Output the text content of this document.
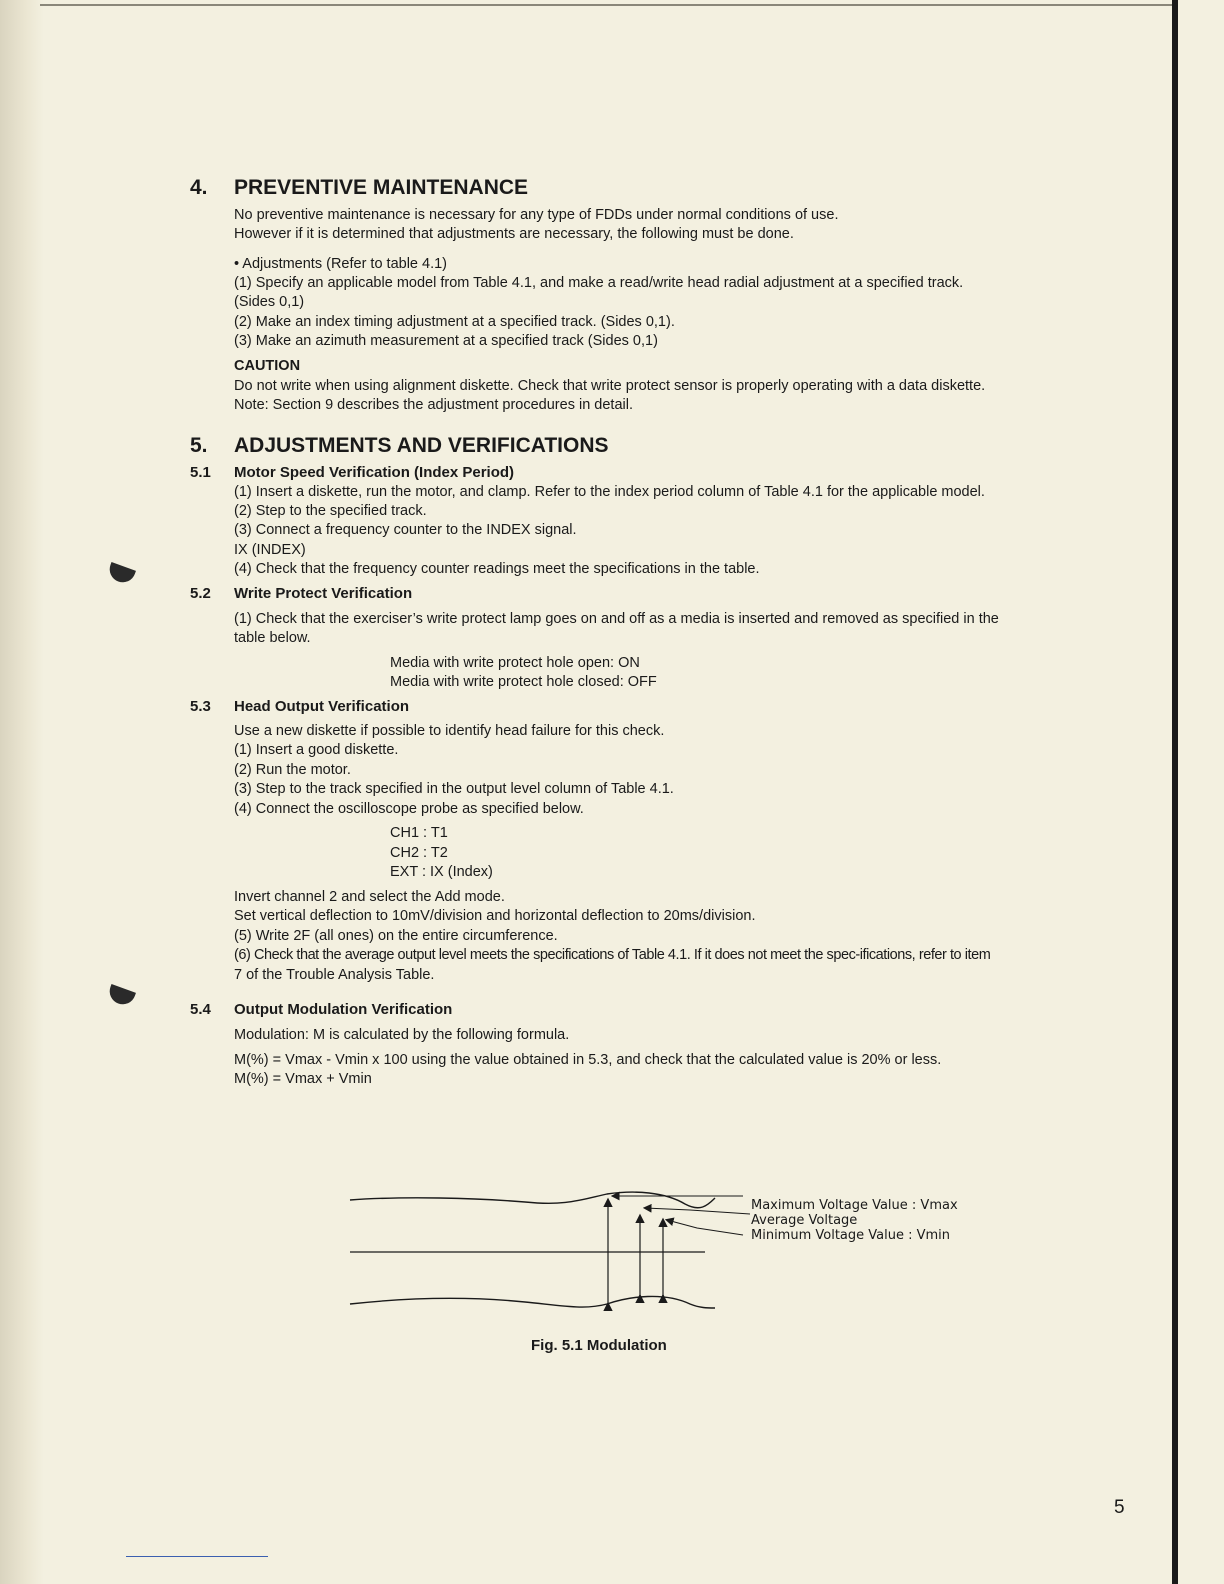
4. PREVENTIVE MAINTENANCE
No preventive maintenance is necessary for any type of FDDs under normal conditions of use.
However if it is determined that adjustments are necessary, the following must be done.
• Adjustments (Refer to table 4.1)
(1) Specify an applicable model from Table 4.1, and make a read/write head radial adjustment at a specified track.
(Sides 0,1)
(2) Make an index timing adjustment at a specified track. (Sides 0,1).
(3) Make an azimuth measurement at a specified track (Sides 0,1)
CAUTION
Do not write when using alignment diskette. Check that write protect sensor is properly operating with a data diskette.
Note: Section 9 describes the adjustment procedures in detail.
5. ADJUSTMENTS AND VERIFICATIONS
5.1 Motor Speed Verification (Index Period)
(1) Insert a diskette, run the motor, and clamp. Refer to the index period column of Table 4.1 for the applicable model.
(2) Step to the specified track.
(3) Connect a frequency counter to the INDEX signal.
IX (INDEX)
(4) Check that the frequency counter readings meet the specifications in the table.
5.2 Write Protect Verification
(1) Check that the exerciser’s write protect lamp goes on and off as a media is inserted and removed as specified in the
table below.
Media with write protect hole open: ON
Media with write protect hole closed: OFF
5.3 Head Output Verification
Use a new diskette if possible to identify head failure for this check.
(1) Insert a good diskette.
(2) Run the motor.
(3) Step to the track specified in the output level column of Table 4.1.
(4) Connect the oscilloscope probe as specified below.
CH1 : T1
CH2 : T2
EXT : IX (Index)
Invert channel 2 and select the Add mode.
Set vertical deflection to 10mV/division and horizontal deflection to 20ms/division.
(5) Write 2F (all ones) on the entire circumference.
(6) Check that the average output level meets the specifications of Table 4.1. If it does not meet the spec-ifications, refer to item
7 of the Trouble Analysis Table.
5.4 Output Modulation Verification
Modulation: M is calculated by the following formula.
M(%) = Vmax - Vmin x 100 using the value obtained in 5.3, and check that the calculated value is 20% or less.
M(%) = Vmax + Vmin
Maximum Voltage Value : Vmax
Average Voltage
Minimum Voltage Value : Vmin
Fig. 5.1 Modulation
5
